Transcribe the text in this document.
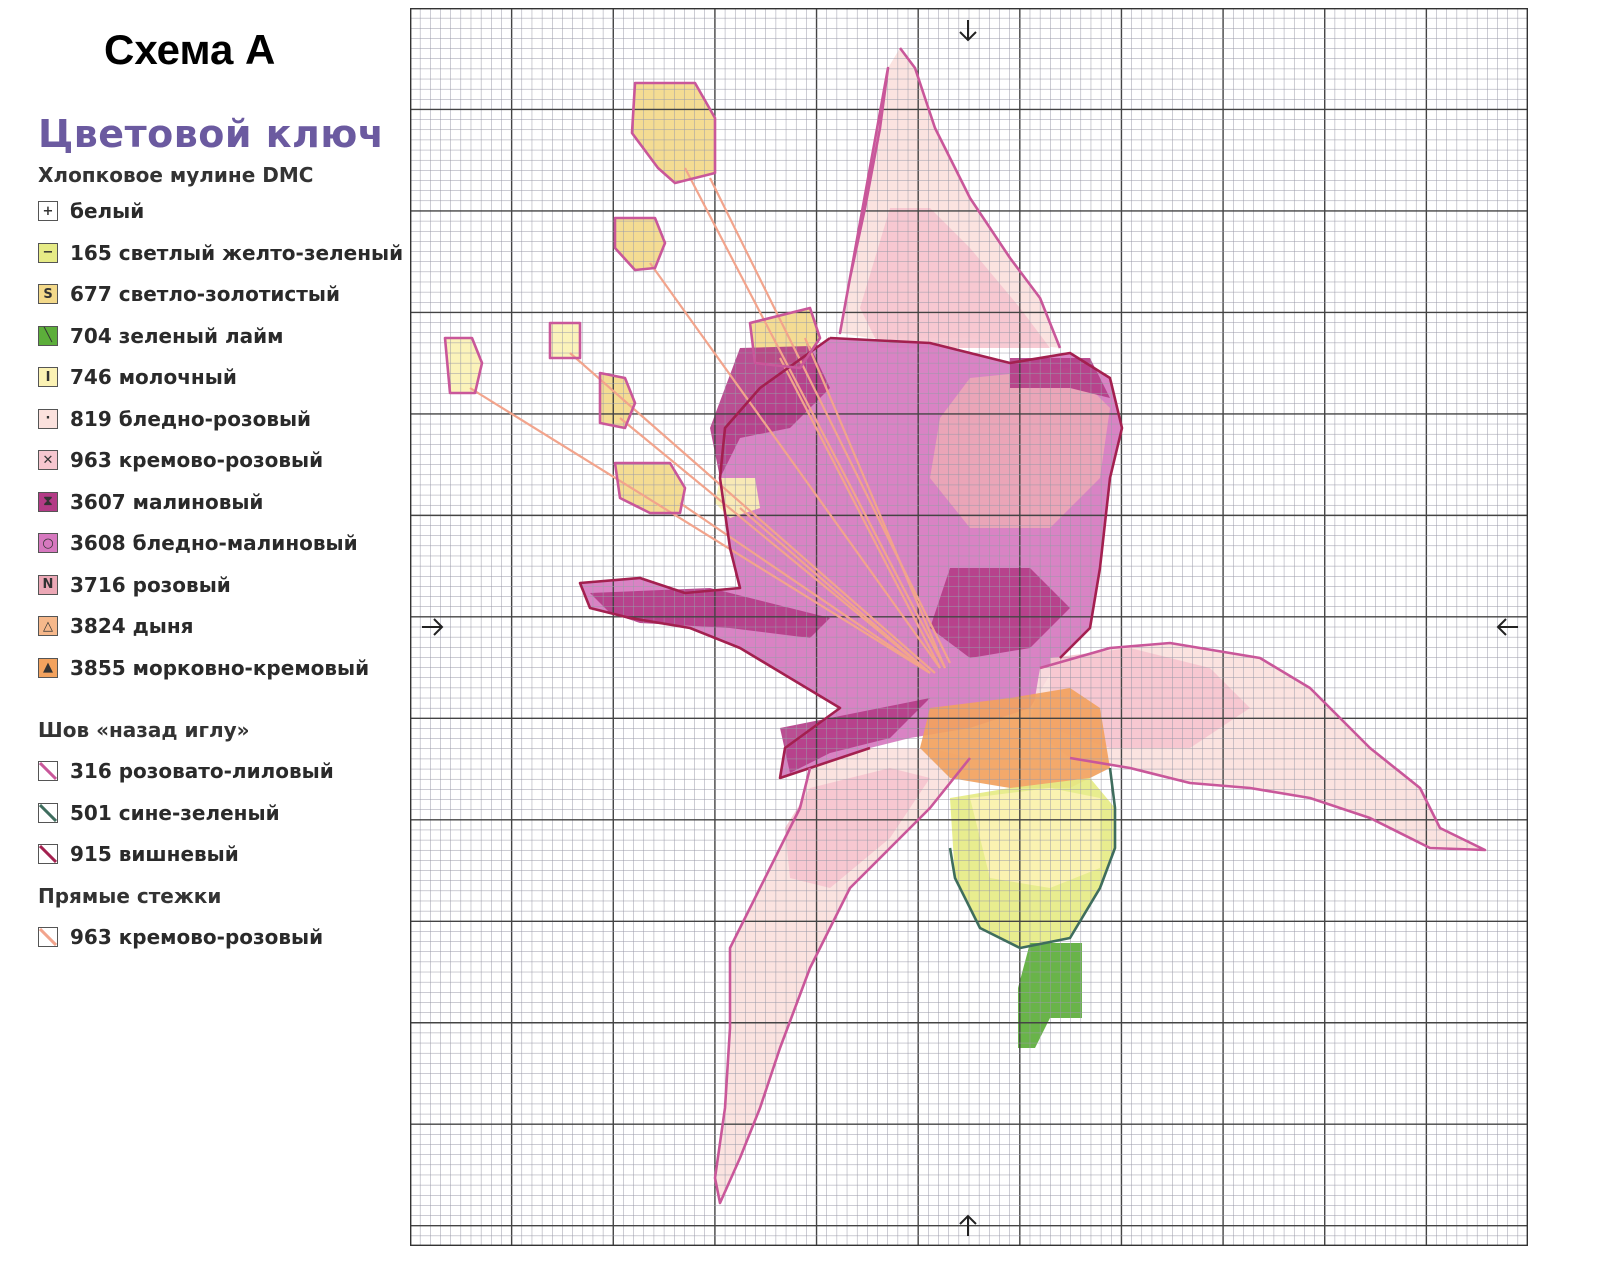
Схема А
Цветовой ключ
Хлопковое мулине DMC
+ белый
− 165 светлый желто-зеленый
S 677 светло-золотистый
╲ 704 зеленый лайм
I 746 молочный
· 819 бледно-розовый
✕ 963 кремово-розовый
⧗ 3607 малиновый
○ 3608 бледно-малиновый
N 3716 розовый
△ 3824 дыня
▲ 3855 морковно-кремовый
Шов «назад иглу»
316 розовато-лиловый
501 сине-зеленый
915 вишневый
Прямые стежки
963 кремово-розовый
